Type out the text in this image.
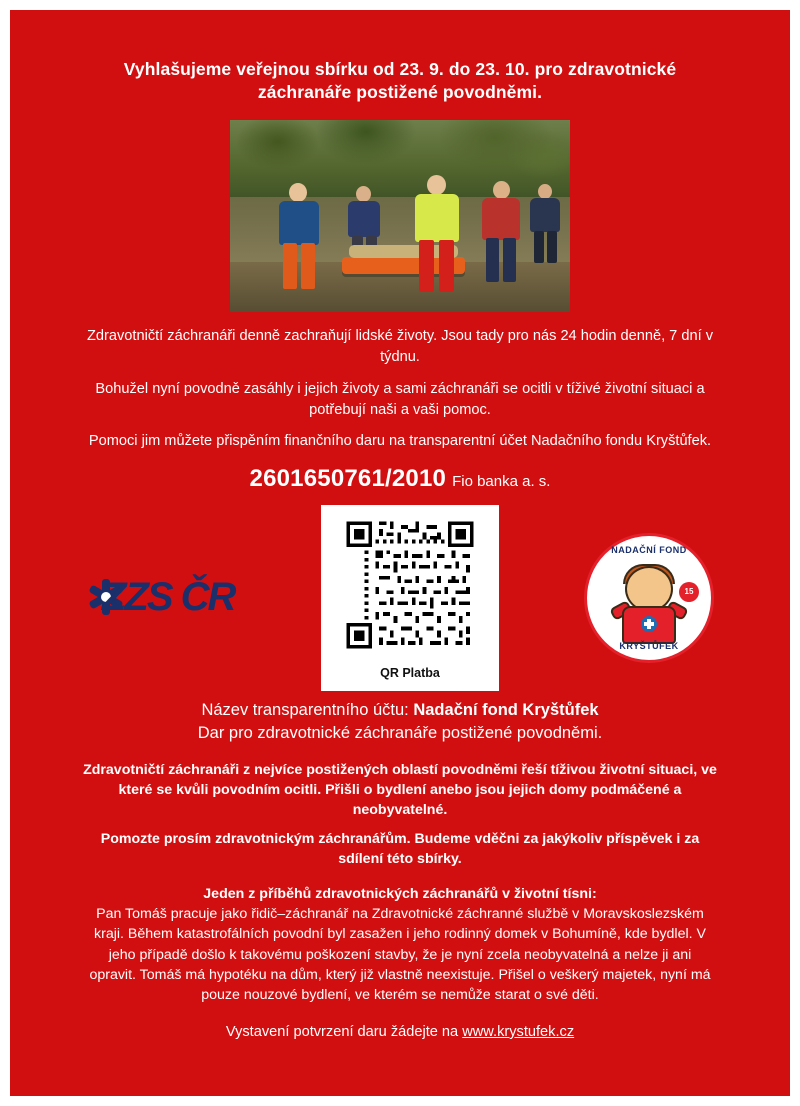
Vyhlašujeme veřejnou sbírku od 23. 9. do 23. 10. pro zdravotnické záchranáře postižené povodněmi.
Zdravotničtí záchranáři denně zachraňují lidské životy. Jsou tady pro nás 24 hodin denně, 7 dní v týdnu.
Bohužel nyní povodně zasáhly i jejich životy a sami záchranáři se ocitli v tíživé životní situaci a potřebují naši a vaši pomoc.
Pomoci jim můžete přispěním finančního daru na transparentní účet Nadačního fondu Kryštůfek.
2601650761/2010 Fio banka a. s.
ZZS ČR
QR Platba
NADAČNÍ FOND
15
KRYŠTŮFEK
Název transparentního účtu: Nadační fond Kryštůfek
Dar pro zdravotnické záchranáře postižené povodněmi.
Zdravotničtí záchranáři z nejvíce postižených oblastí povodněmi řeší tíživou životní situaci, ve které se kvůli povodním ocitli. Přišli o bydlení anebo jsou jejich domy podmáčené a neobyvatelné.
Pomozte prosím zdravotnickým záchranářům. Budeme vděčni za jakýkoliv příspěvek i za sdílení této sbírky.
Jeden z příběhů zdravotnických záchranářů v životní tísni:
Pan Tomáš pracuje jako řidič–záchranář na Zdravotnické záchranné službě v Moravskoslezském kraji. Během katastrofálních povodní byl zasažen i jeho rodinný domek v Bohumíně, kde bydlel. V jeho případě došlo k takovému poškození stavby, že je nyní zcela neobyvatelná a nelze ji ani opravit. Tomáš má hypotéku na dům, který již vlastně neexistuje. Přišel o veškerý majetek, nyní má pouze nouzové bydlení, ve kterém se nemůže starat o své děti.
Vystavení potvrzení daru žádejte na www.krystufek.cz
